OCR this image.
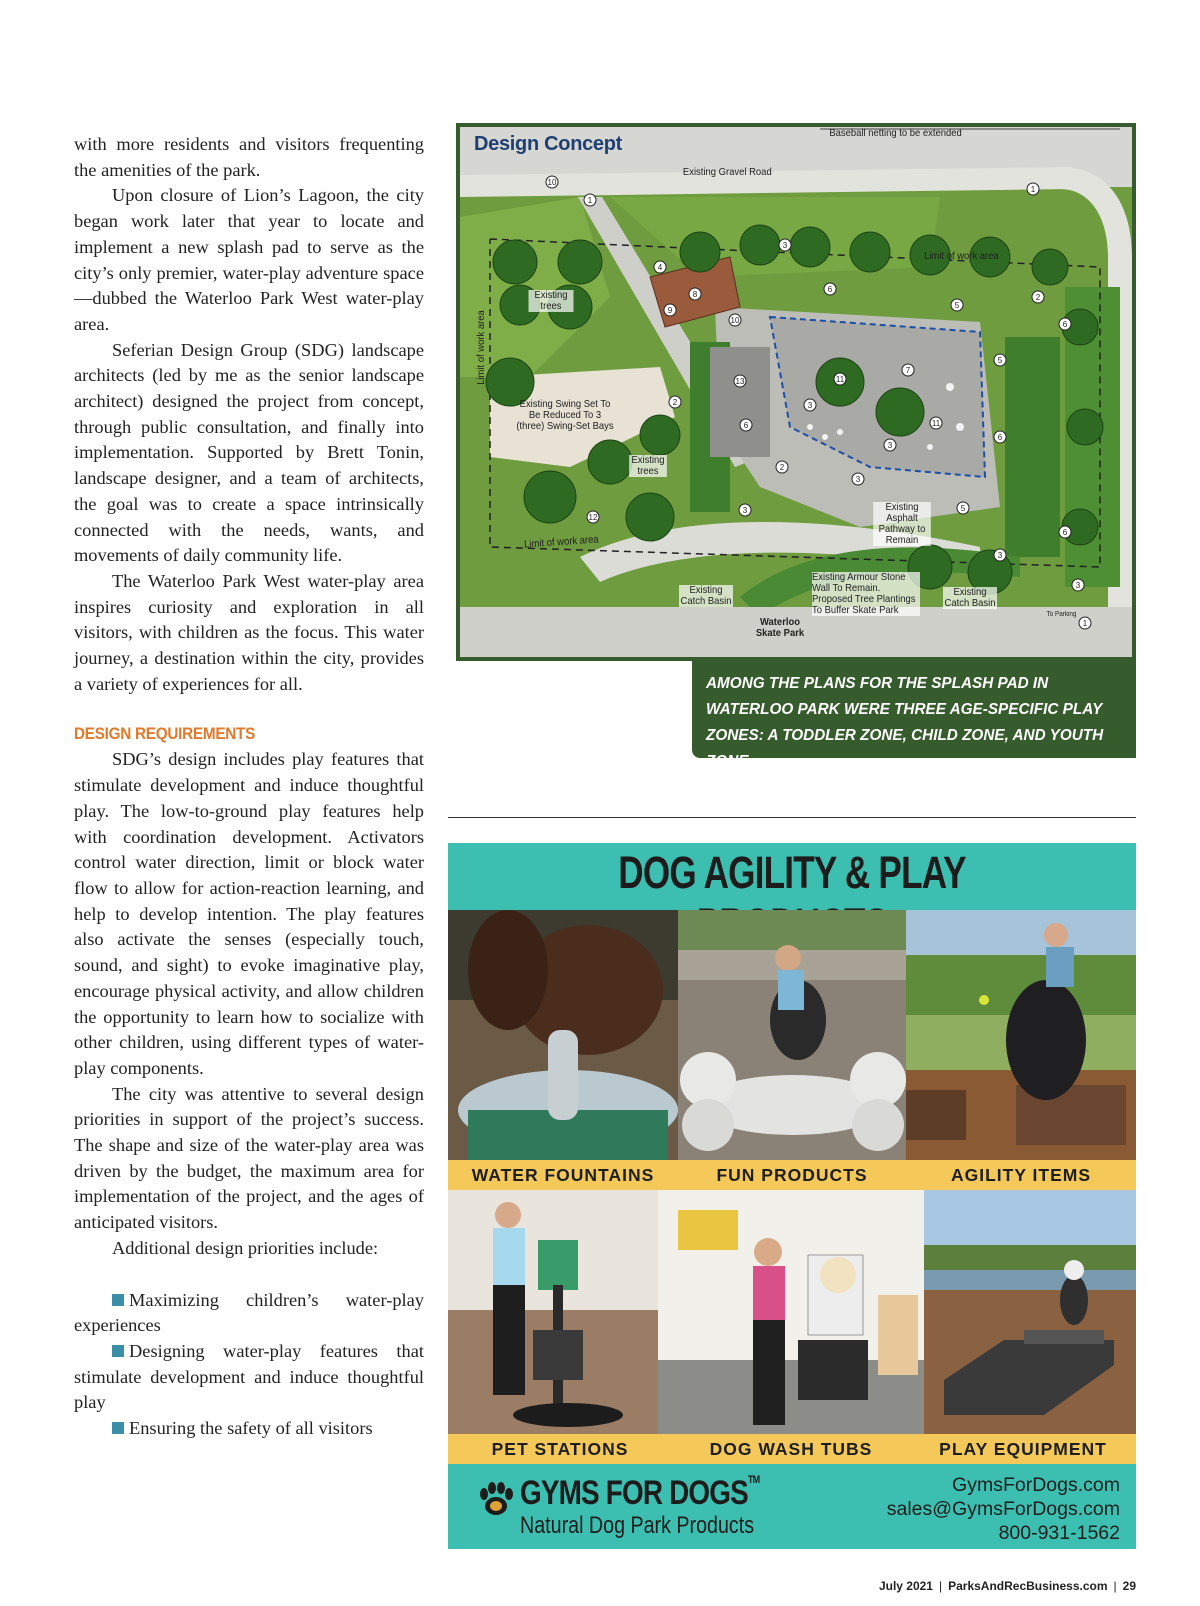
with more residents and visitors frequenting the amenities of the park.

Upon closure of Lion’s Lagoon, the city began work later that year to locate and implement a new splash pad to serve as the city’s only premier, water-play adventure space—dubbed the Waterloo Park West water-play area.

Seferian Design Group (SDG) landscape architects (led by me as the senior landscape architect) designed the project from concept, through public consultation, and finally into implementation. Supported by Brett Tonin, landscape designer, and a team of architects, the goal was to create a space intrinsically connected with the needs, wants, and movements of daily community life.

The Waterloo Park West water-play area inspires curiosity and exploration in all visitors, with children as the focus. This water journey, a destination within the city, provides a variety of experiences for all.

DESIGN REQUIREMENTS

SDG’s design includes play features that stimulate development and induce thoughtful play. The low-to-ground play features help with coordination development. Activators control water direction, limit or block water flow to allow for action-reaction learning, and help to develop intention. The play features also activate the senses (especially touch, sound, and sight) to evoke imaginative play, encourage physical activity, and allow children the opportunity to learn how to socialize with other children, using different types of water-play components.

The city was attentive to several design priorities in support of the project’s success. The shape and size of the water-play area was driven by the budget, the maximum area for implementation of the project, and the ages of anticipated visitors.

Additional design priorities include:

Maximizing children’s water-play experiences

Designing water-play features that stimulate development and induce thoughtful play

Ensuring the safety of all visitors

1
1
3
4
8
9
10
6
5
2
7
11
11
3
3
13
6
2
2
3
3
12
5
6
5
3
6
6
3
1
10
Design Concept	Baseball netting to be extended
Existing Gravel Road
Limit of work area
Limit of work area
Limit of work area
Existing trees
Existing trees
Existing Swing Set To Be Reduced To 3 (three) Swing-Set Bays
Existing Asphalt Pathway to Remain
Existing Armour Stone Wall To Remain. Proposed Tree Plantings To Buffer Skate Park
Existing Catch Basin
Existing Catch Basin
Waterloo Skate Park
To Parking
AMONG THE PLANS FOR THE SPLASH PAD IN WATERLOO PARK WERE THREE AGE-SPECIFIC PLAY ZONES: A TODDLER ZONE, CHILD ZONE, AND YOUTH ZONE.
DOG AGILITY & PLAY
WATER FOUNTAINS	FUN PRODUCTS	AGILITY ITEMS
PET STATIONS	DOG WASH TUBS	PLAY EQUIPMENT
GYMS FOR DOGS™
Natural Dog Park Products
GymsForDogs.com
sales@GymsForDogs.com
800-931-1562
July 2021 | ParksAndRecBusiness.com | 29
